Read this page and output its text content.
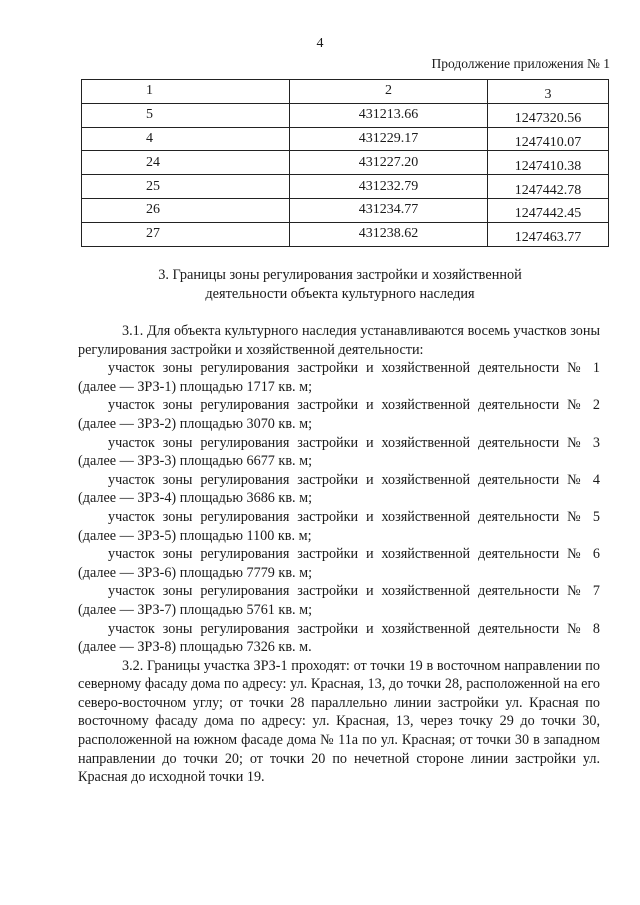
4
Продолжение приложения № 1
1	2	3
5	431213.66	1247320.56
4	431229.17	1247410.07
24	431227.20	1247410.38
25	431232.79	1247442.78
26	431234.77	1247442.45
27	431238.62	1247463.77
3. Границы зоны регулирования застройки и хозяйственной
деятельности объекта культурного наследия

3.1. Для объекта культурного наследия устанавливаются восемь участков зоны регулирования застройки и хозяйственной деятельности:

участок зоны регулирования застройки и хозяйственной деятельности № 1 (далее — ЗРЗ-1) площадью 1717 кв. м;

участок зоны регулирования застройки и хозяйственной деятельности № 2 (далее — ЗРЗ-2) площадью 3070 кв. м;

участок зоны регулирования застройки и хозяйственной деятельности № 3 (далее — ЗРЗ-3) площадью 6677 кв. м;

участок зоны регулирования застройки и хозяйственной деятельности № 4 (далее — ЗРЗ-4) площадью 3686 кв. м;

участок зоны регулирования застройки и хозяйственной деятельности № 5 (далее — ЗРЗ-5) площадью 1100 кв. м;

участок зоны регулирования застройки и хозяйственной деятельности № 6 (далее — ЗРЗ-6) площадью 7779 кв. м;

участок зоны регулирования застройки и хозяйственной деятельности № 7 (далее — ЗРЗ-7) площадью 5761 кв. м;

участок зоны регулирования застройки и хозяйственной деятельности № 8 (далее — ЗРЗ-8) площадью 7326 кв. м.

3.2. Границы участка ЗРЗ-1 проходят: от точки 19 в восточном направлении по северному фасаду дома по адресу: ул. Красная, 13, до точки 28, расположенной на его северо-восточном углу; от точки 28 параллельно линии застройки ул. Красная по восточному фасаду дома по адресу: ул. Красная, 13, через точку 29 до точки 30, расположенной на южном фасаде дома № 11а по ул. Красная; от точки 30 в западном направлении до точки 20; от точки 20 по нечетной стороне линии застройки ул. Красная до исходной точки 19.
